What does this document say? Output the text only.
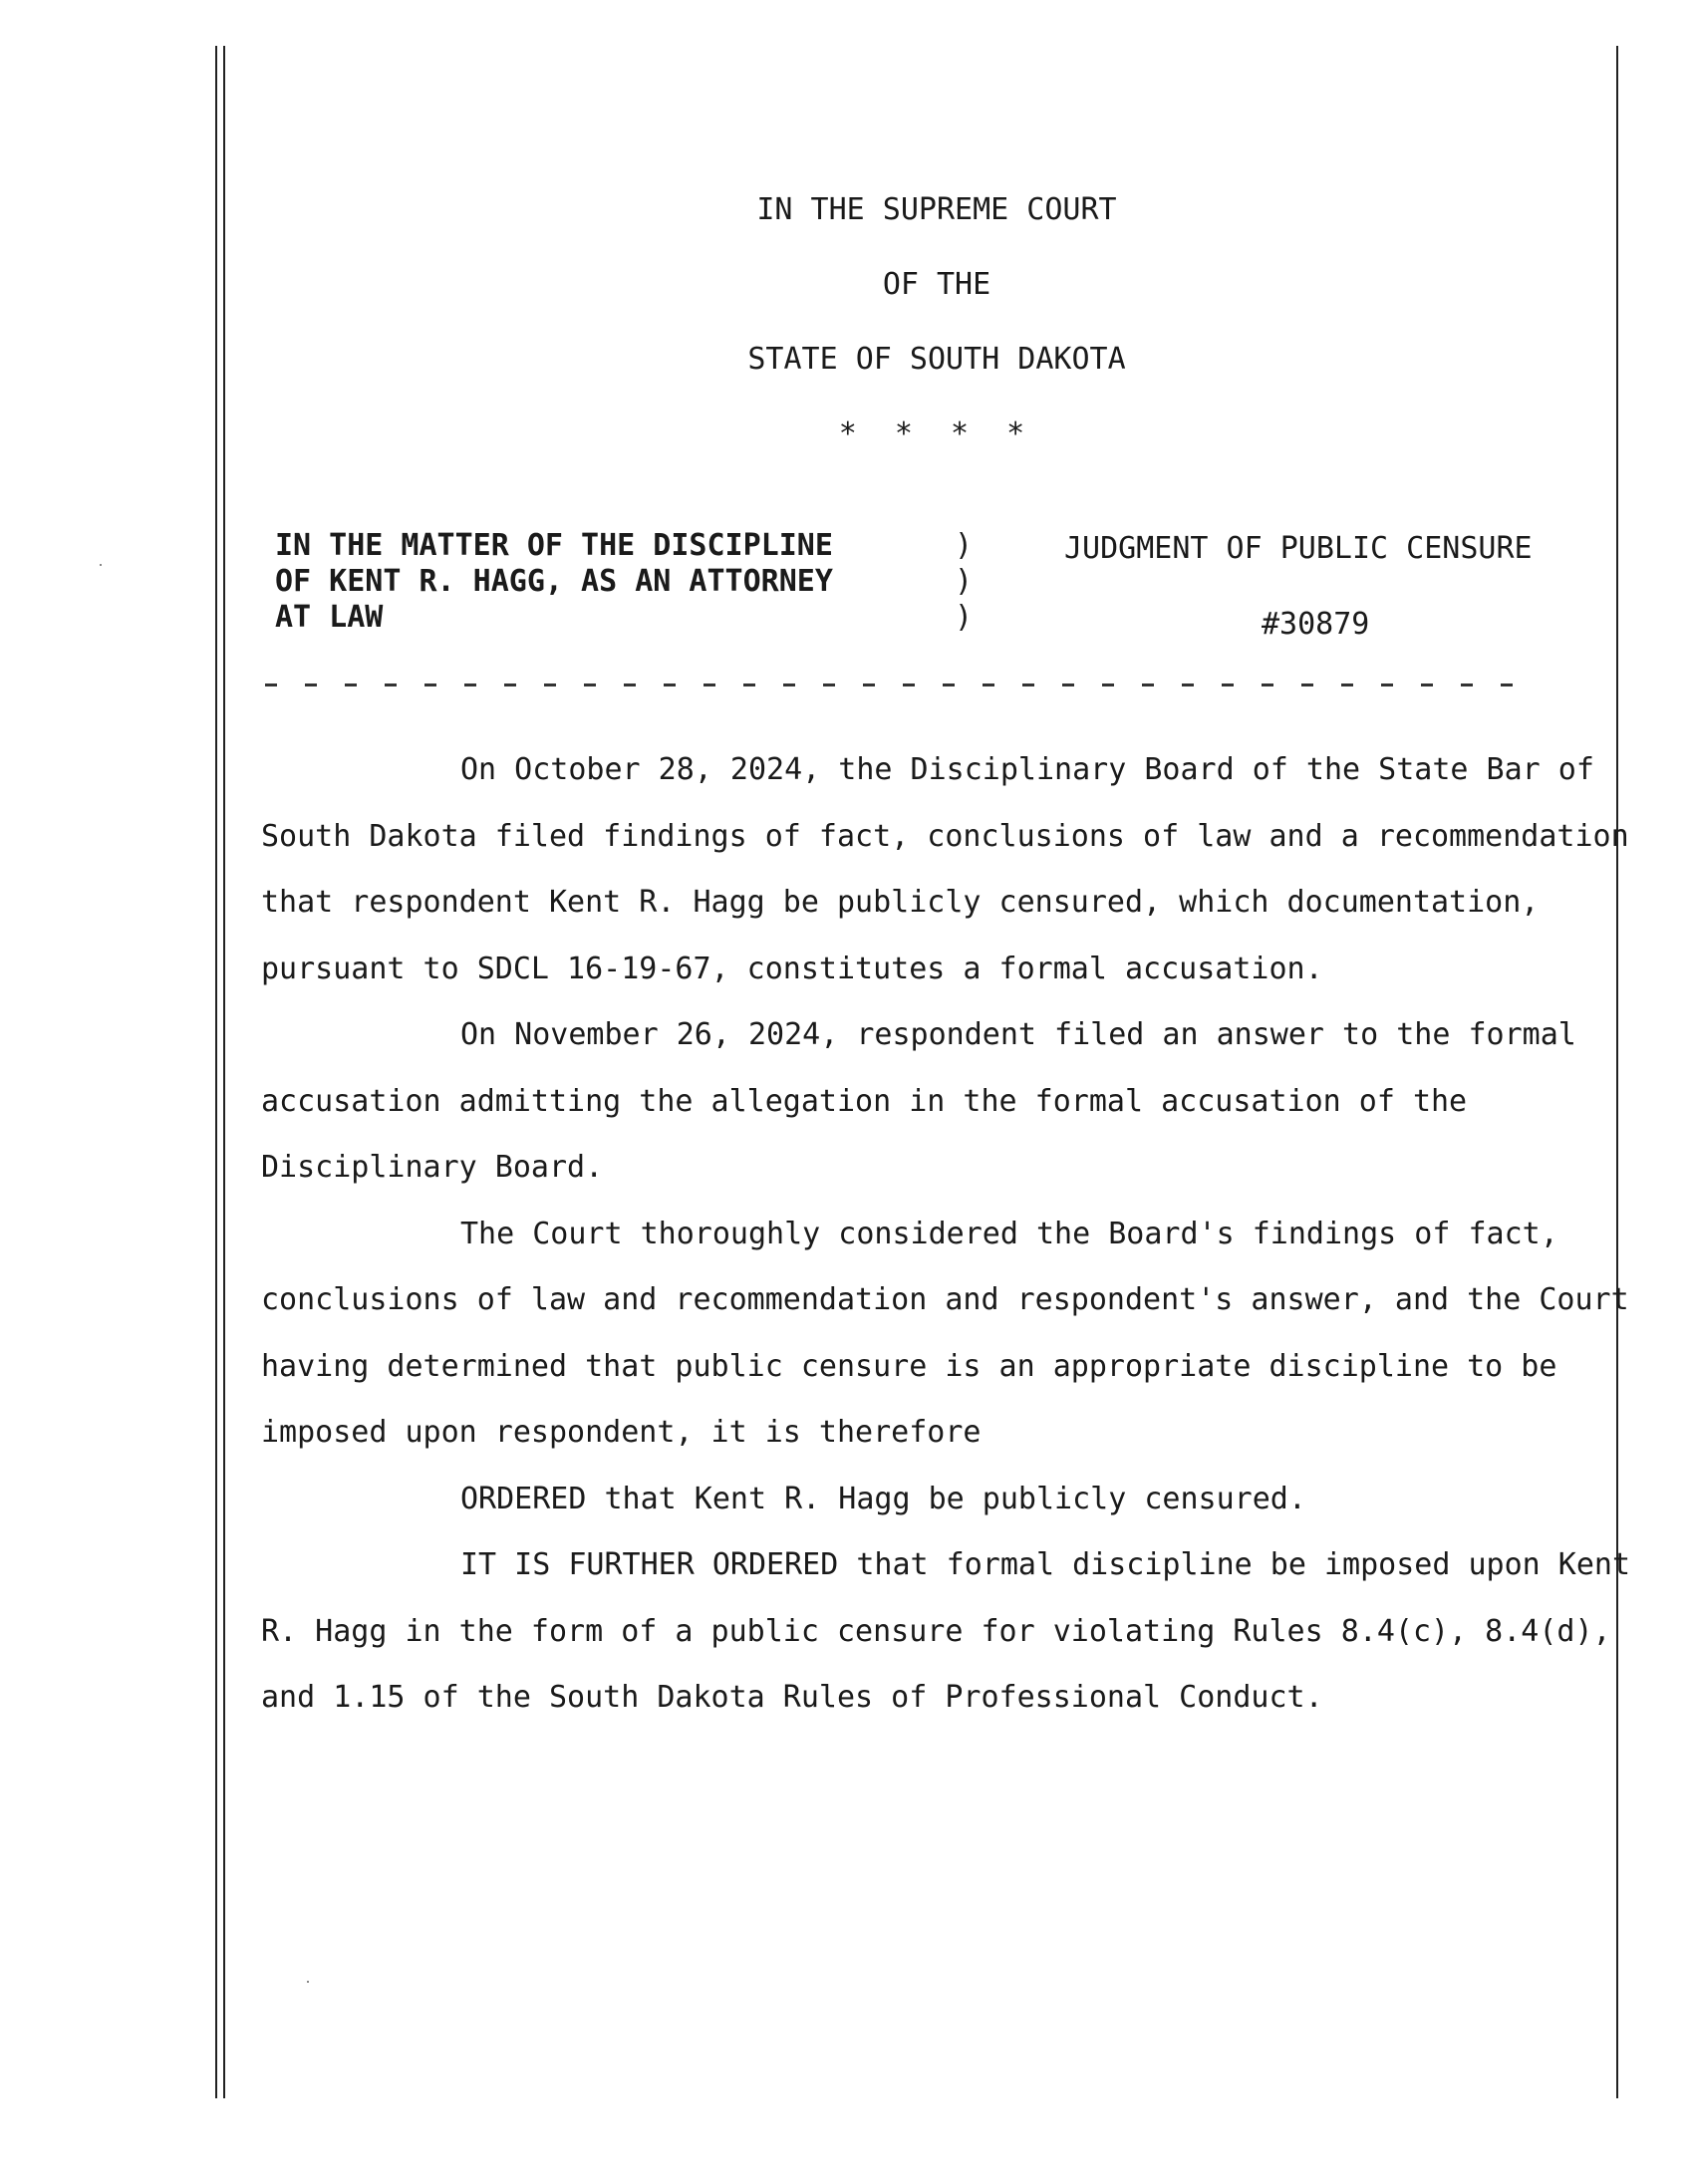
IN THE SUPREME COURT
OF THE
STATE OF SOUTH DAKOTA
* * * *
IN THE MATTER OF THE DISCIPLINE
OF KENT R. HAGG, AS AN ATTORNEY
AT LAW
)
)
)
JUDGMENT OF PUBLIC CENSURE
#30879

On October 28, 2024, the Disciplinary Board of the State Bar of South Dakota filed findings of fact, conclusions of law and a recommendation that respondent Kent R. Hagg be publicly censured, which documentation, pursuant to SDCL 16-19-67, constitutes a formal accusation.

On November 26, 2024, respondent filed an answer to the formal accusation admitting the allegation in the formal accusation of the Disciplinary Board.

The Court thoroughly considered the Board's findings of fact, conclusions of law and recommendation and respondent's answer, and the Court having determined that public censure is an appropriate discipline to be imposed upon respondent, it is therefore

ORDERED that Kent R. Hagg be publicly censured.

IT IS FURTHER ORDERED that formal discipline be imposed upon Kent R. Hagg in the form of a public censure for violating Rules 8.4(c), 8.4(d), and 1.15 of the South Dakota Rules of Professional Conduct.
